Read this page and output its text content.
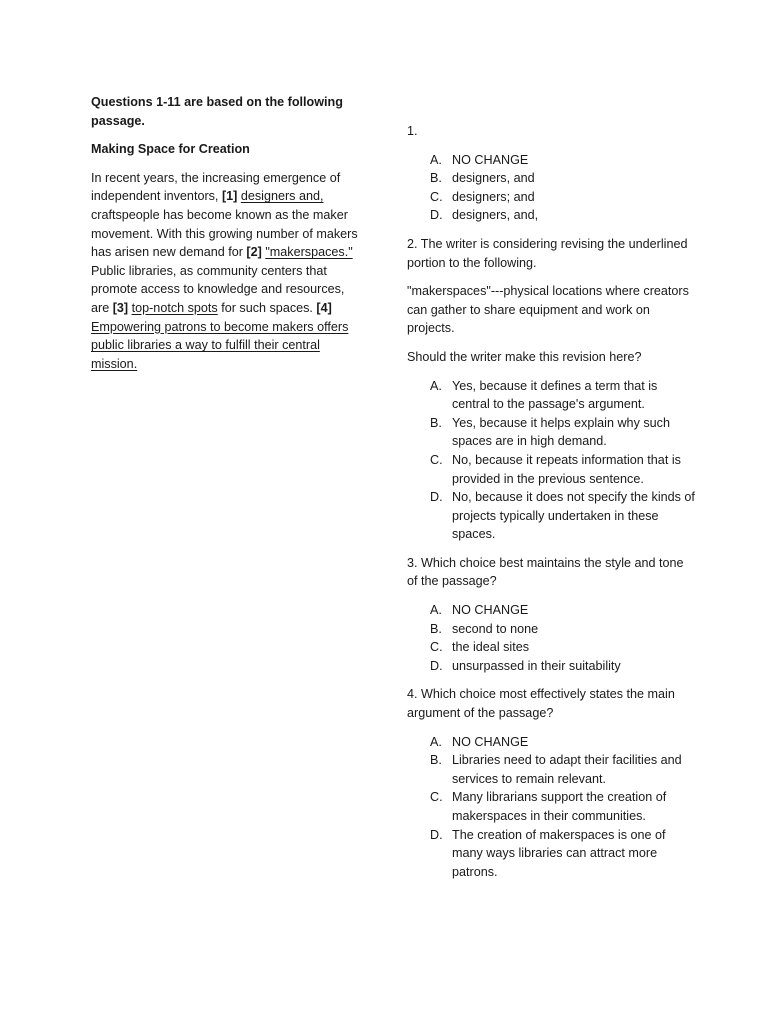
Questions 1-11 are based on the following passage.

Making Space for Creation

In recent years, the increasing emergence of independent inventors, [1] designers and, craftspeople has become known as the maker movement. With this growing number of makers has arisen new demand for [2] "makerspaces." Public libraries, as community centers that promote access to knowledge and resources, are [3] top-notch spots for such spaces. [4] Empowering patrons to become makers offers public libraries a way to fulfill their central mission.

1.

A. NO CHANGE
B. designers, and
C. designers; and
D. designers, and,

2. The writer is considering revising the underlined portion to the following.

"makerspaces"---physical locations where creators can gather to share equipment and work on projects.

Should the writer make this revision here?

A. Yes, because it defines a term that is central to the passage's argument.
B. Yes, because it helps explain why such spaces are in high demand.
C. No, because it repeats information that is provided in the previous sentence.
D. No, because it does not specify the kinds of projects typically undertaken in these spaces.

3. Which choice best maintains the style and tone of the passage?

A. NO CHANGE
B. second to none
C. the ideal sites
D. unsurpassed in their suitability

4. Which choice most effectively states the main argument of the passage?

A. NO CHANGE
B. Libraries need to adapt their facilities and services to remain relevant.
C. Many librarians support the creation of makerspaces in their communities.
D. The creation of makerspaces is one of many ways libraries can attract more patrons.
